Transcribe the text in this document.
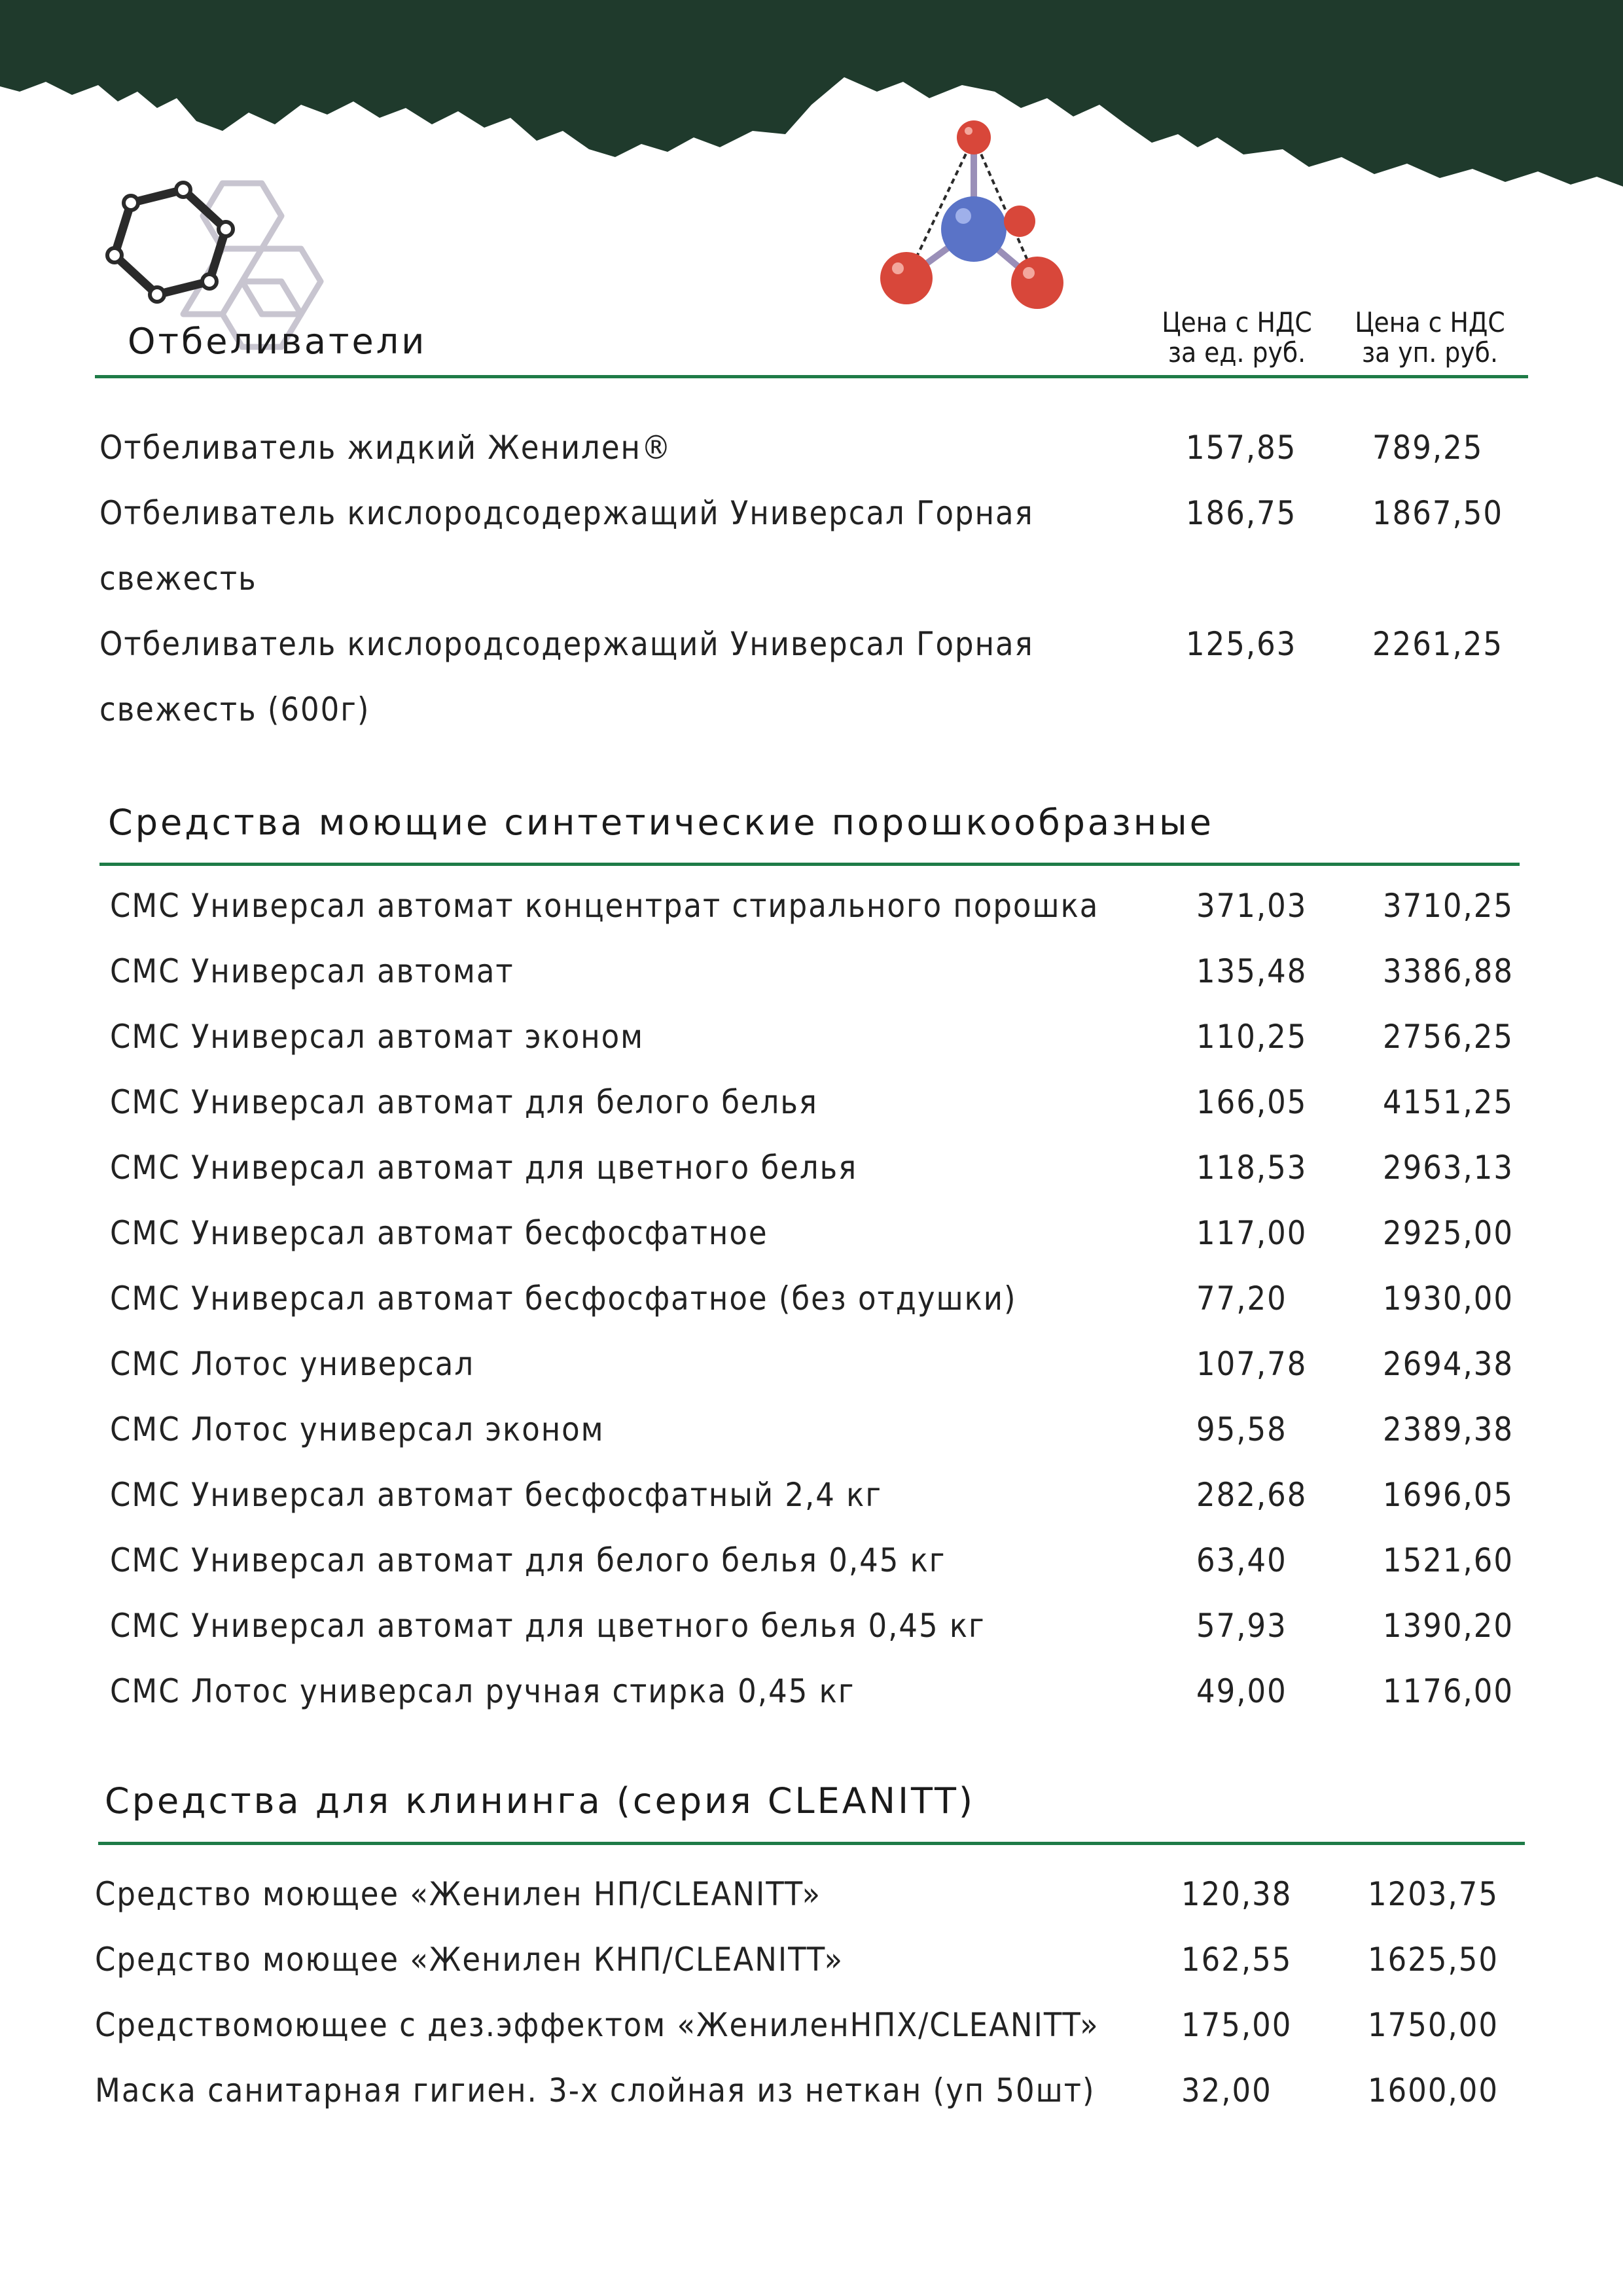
Цена с НДС
за ед. руб.
Цена с НДС
за уп. руб.
Отбеливатели
Отбеливатель жидкий Женилен®	157,85 789,25
Отбеливатель кислородсодержащий Универсал Горная	186,75 1867,50
свежесть
Отбеливатель кислородсодержащий Универсал Горная	125,63 2261,25
свежесть (600г)
Средства моющие синтетические порошкообразные
СМС Универсал автомат концентрат стирального порошка	371,03 3710,25
СМС Универсал автомат	135,48 3386,88
СМС Универсал автомат эконом	110,25 2756,25
СМС Универсал автомат для белого белья	166,05 4151,25
СМС Универсал автомат для цветного белья	118,53 2963,13
СМС Универсал автомат бесфосфатное	117,00 2925,00
СМС Универсал автомат бесфосфатное (без отдушки)	77,20	1930,00
СМС Лотос универсал	107,78 2694,38
СМС Лотос универсал эконом	95,58	2389,38
СМС Универсал автомат бесфосфатный 2,4 кг	282,68 1696,05
СМС Универсал автомат для белого белья 0,45 кг	63,40	1521,60
СМС Универсал автомат для цветного белья 0,45 кг	57,93	1390,20
СМС Лотос универсал ручная стирка 0,45 кг	49,00	1176,00
Средства для клининга (серия CLEANITT)
Средство моющее «Женилен НП/CLEANITT»	120,38 1203,75
Средство моющее «Женилен КНП/CLEANITT»	162,55 1625,50
Средствомоющее с дез.эффектом «ЖениленНПХ/CLEANITT»	175,00 1750,00
Маска санитарная гигиен. 3-х слойная из неткан (уп 50шт)	32,00	1600,00
